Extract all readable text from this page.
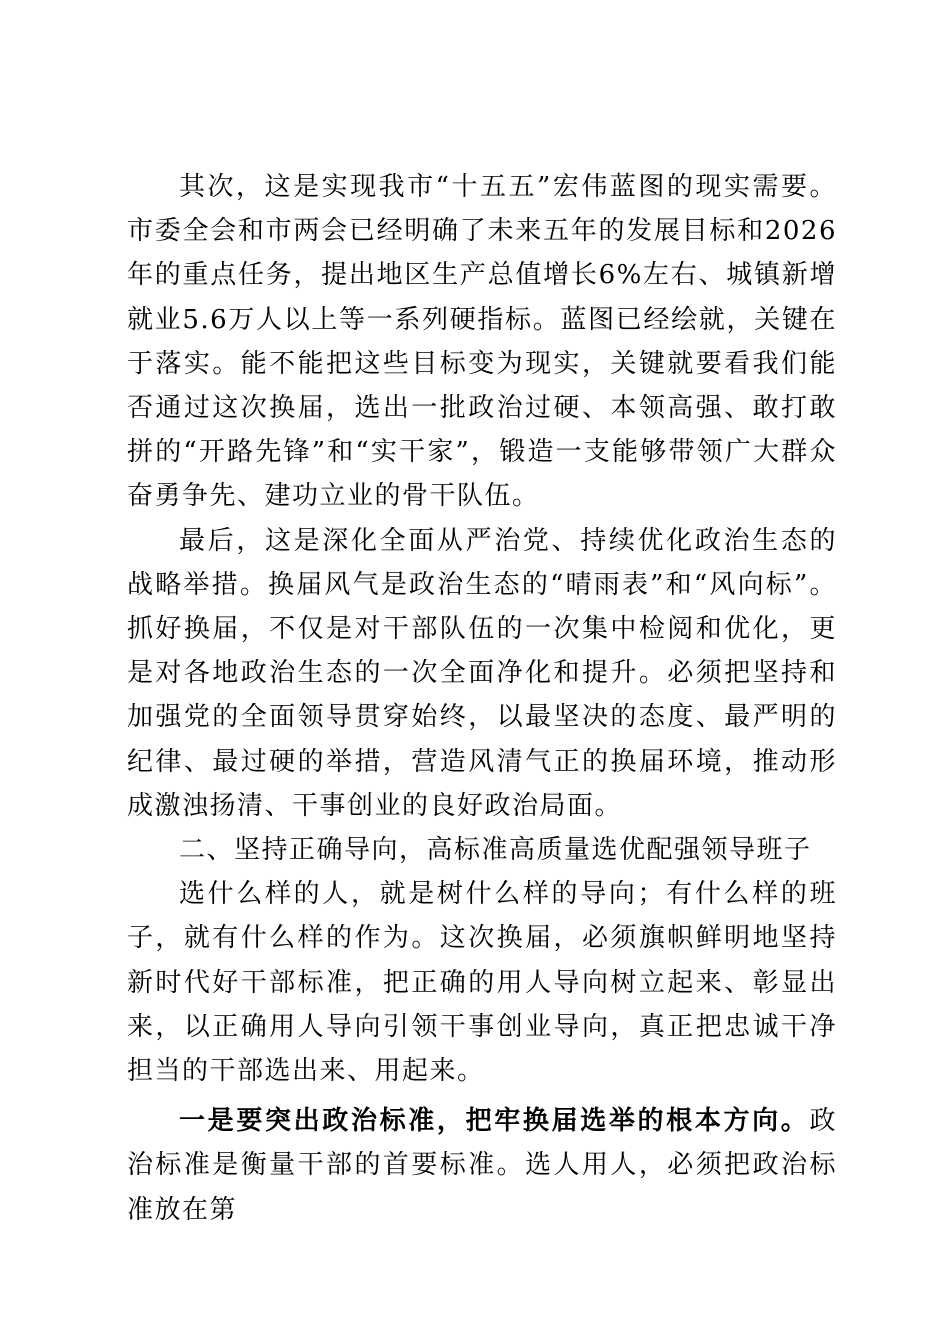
其次，这是实现我市“十五五”宏伟蓝图的现实需要。市委全会和市两会已经明确了未来五年的发展目标和2026年的重点任务，提出地区生产总值增长6%左右、城镇新增就业5.6万人以上等一系列硬指标。蓝图已经绘就，关键在于落实。能不能把这些目标变为现实，关键就要看我们能否通过这次换届，选出一批政治过硬、本领高强、敢打敢拼的“开路先锋”和“实干家”，锻造一支能够带领广大群众奋勇争先、建功立业的骨干队伍。

最后，这是深化全面从严治党、持续优化政治生态的战略举措。换届风气是政治生态的“晴雨表”和“风向标”。抓好换届，不仅是对干部队伍的一次集中检阅和优化，更是对各地政治生态的一次全面净化和提升。必须把坚持和加强党的全面领导贯穿始终，以最坚决的态度、最严明的纪律、最过硬的举措，营造风清气正的换届环境，推动形成激浊扬清、干事创业的良好政治局面。

二、坚持正确导向，高标准高质量选优配强领导班子

选什么样的人，就是树什么样的导向；有什么样的班子，就有什么样的作为。这次换届，必须旗帜鲜明地坚持新时代好干部标准，把正确的用人导向树立起来、彰显出来，以正确用人导向引领干事创业导向，真正把忠诚干净担当的干部选出来、用起来。

一是要突出政治标准，把牢换届选举的根本方向。政治标准是衡量干部的首要标准。选人用人，必须把政治标准放在第
